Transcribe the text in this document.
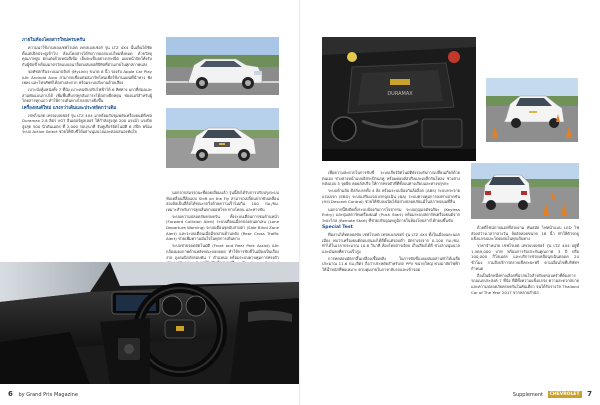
ภายในห้องโดยสารใหม่ครบครัน

ความน่าใช้งานของเชฟโรเลต เทรลเบลเซอร์ รุ่น LTZ 4X4 นั้นเห็นได้ชัดตั้งแต่เปิดประตูเข้าไป ห้องโดยสารได้รับการออกแบบใหม่ทั้งหมด ด้วยวัสดุคุณภาพสูง ตกแต่งด้วยหนังสีเข้ม เย็บตะเข็บอย่างประณีต แผงหน้าปัดโค้งรับกับผู้ขับขี่ พร้อมมาตรวัดแบบอนาล็อกผสมจอดิจิทัลที่อ่านง่ายในทุกสภาพแสง

จอทัชสกรีนระบบมายลิงก์ (MyLink) ขนาด 8 นิ้ว รองรับ Apple Car Play และ Android Auto สามารถเชื่อมต่อสมาร์ทโฟนเพื่อใช้งานแผนที่นำทาง ฟังเพลง และโทรศัพท์ได้อย่างสะดวก พร้อมระบบสั่งงานด้วยเสียง

เบาะนั่งหุ้มหนังทั้ง 7 ที่นั่ง เบาะคนขับปรับไฟฟ้าได้ 6 ทิศทาง แถวที่สองและสามพับแบนราบได้ เพิ่มพื้นที่บรรทุกสัมภาระได้อย่างยืดหยุ่น ช่องแอร์สำหรับผู้โดยสารทุกแถว ทำให้การเดินทางไกลสบายยิ่งขึ้น

เครื่องยนต์ใหม่ แรงกว่าเดิมและประหยัดกว่าเดิม

เชฟโรเลต เทรลเบลเซอร์ รุ่น LTZ 4X4 มาพร้อมกับขุมพลังเครื่องยนต์ดีเซล Duramax 2.8 ลิตร VGT อินเตอร์คูลเลอร์ ให้กำลังสูงสุด 200 แรงม้า แรงบิดสูงสุด 500 นิวตันเมตร ที่ 2,000 รอบ/นาที จับคู่เกียร์อัตโนมัติ 6 สปีด พร้อมระบบ Active Select ช่วยให้ขับขี่ได้อย่างนุ่มนวลและตอบสนองทันใจ

นอกจากสมรรถนะที่ยอดเยี่ยมแล้ว รุ่นนี้ยังได้รับการปรับปรุงระบบขับเคลื่อนสี่ล้อแบบ Shift on the Fly สามารถเปลี่ยนจากขับเคลื่อนสองล้อเป็นสี่ล้อได้ขณะรถวิ่งด้วยความเร็วไม่เกิน 100 กม./ชม. เหมาะสำหรับการลุยเส้นทางออฟโรด ทางโคลน และทางชัน

ระบบความปลอดภัยครบครัน ทั้งระบบเตือนการชนด้านหน้า (Forward Collision Alert) ระบบเตือนเมื่อรถออกนอกเลน (Lane Departure Warning) ระบบเตือนจุดอับสายตา (Side Blind Zone Alert) และระบบเตือนเมื่อมีรถผ่านด้านหลัง (Rear Cross Traffic Alert) ช่วยเพิ่มความมั่นใจในทุกการเดินทาง

ระบบช่วยจอดอัตโนมัติ (Front and Rear Park Assist) และกล้องมองภาพด้านหลังขณะถอยจอด ทำให้การขับขี่ในเมืองเป็นเรื่องง่าย ถุงลมนิรภัยรอบคัน 7 ตำแหน่ง พร้อมระบบควบคุมการทรงตัว

6 by Grand Prix Magazine
DURAMAX

เพื่อความสะดวกในการขับขี่ ระบบเกียร์อัตโนมัติยังรองรับการเปลี่ยนเกียร์ด้วยตนเอง ช่วงล่างหน้าแบบอิสระปีกนกคู่ พร้อมคอยล์สปริงและเหล็กกันโคลง ช่วงล่างหลังแบบ 5 จุดยึด คอยล์สปริง ให้การทรงตัวที่ดีทั้งบนทางเรียบและทางขรุขระ

ระบบห้ามล้อ ดิสก์เบรกทั้ง 4 ล้อ พร้อมระบบป้องกันล้อล็อก (ABS) ระบบกระจายแรงเบรก (EBD) ระบบเสริมแรงเบรกฉุกเฉิน (BA) ระบบควบคุมการลงทางลาดชัน (Hill Descent Control) ช่วยให้ขับลงเนินได้อย่างปลอดภัยแม้ในสภาพถนนที่ลื่น

นอกจากนี้ยังติดตั้งระบบป้องกันการโจรกรรม ระบบกุญแจอัจฉริยะ (Keyless Entry) และปุ่มสตาร์ทเครื่องยนต์ (Push Start) พร้อมระบบสตาร์ทเครื่องยนต์จากระยะไกล (Remote Start) ที่ช่วยปรับอุณหภูมิภายในห้องโดยสารได้ก่อนขึ้นขับ

Special Test

ทีมงานได้ทดลองขับ เชฟโรเลต เทรลเบลเซอร์ รุ่น LTZ 4X4 ทั้งในเมืองและนอกเมือง พบว่าเครื่องยนต์ตอบสนองได้ดีตั้งแต่รอบต่ำ อัตราเร่งจาก 0-100 กม./ชม. ทำได้ในเวลาประมาณ 10.8 วินาที ห้องโดยสารเงียบ เก็บเสียงได้ดี ช่วงล่างนุ่มนวลและมั่นคงที่ความเร็วสูง

การทดสอบอัตราสิ้นเปลืองเชื้อเพลิง ในการขับขี่แบบผสมผสานทำได้เฉลี่ยประมาณ 11.6 กม./ลิตร ถือว่าประหยัดสำหรับรถ PPV ขนาดใหญ่ พวงมาลัยไฟฟ้าให้น้ำหนักที่พอเหมาะ ควบคุมง่ายในการกลับรถและเข้าจอด

ด้วยดีไซน์ภายนอกที่สวยงาม ทันสมัย ไฟหน้าแบบ LED ไฟส่องสว่างเวลากลางวัน ล้ออัลลอยขนาด 18 นิ้ว ทำให้ตัวรถดูแข็งแกร่งและโดดเด่นในทุกเส้นทาง

ราคาจำหน่าย เชฟโรเลต เทรลเบลเซอร์ รุ่น LTZ 4X4 อยู่ที่ 1,589,000 บาท พร้อมการรับประกันคุณภาพ 3 ปี หรือ 100,000 กิโลเมตร และบริการช่วยเหลือฉุกเฉินตลอด 24 ชั่วโมง รวมถึงบริการตรวจเช็คระยะฟรี ตามเงื่อนไขที่บริษัทฯ กำหนด

ถือเป็นอีกหนึ่งทางเลือกที่น่าสนใจสำหรับครอบครัวที่ต้องการรถอเนกประสงค์ 7 ที่นั่ง ที่มีทั้งความแข็งแกร่ง ความสะดวกสบาย และความปลอดภัยครบครันในคันเดียว จนได้รับรางวัล Thailand Car of The Year 2017 จากหลายสำนัก

Supplement CHEVROLET 7
